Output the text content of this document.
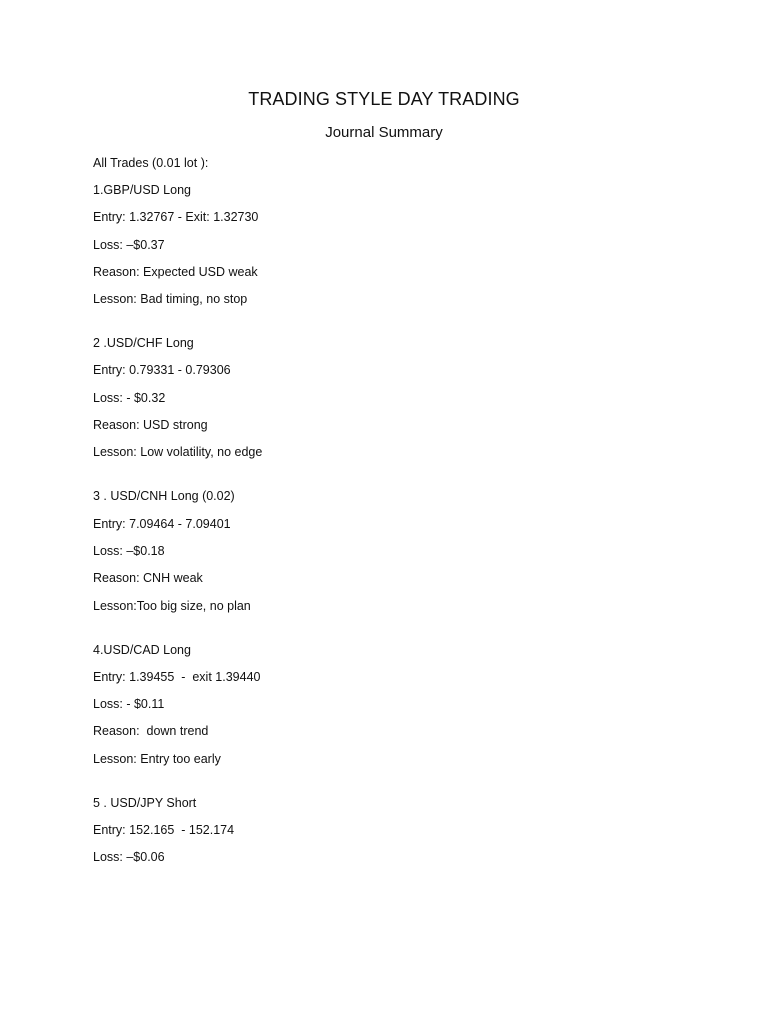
TRADING STYLE DAY TRADING
Journal Summary
All Trades (0.01 lot ):
1.GBP/USD Long
Entry: 1.32767 - Exit: 1.32730
Loss: –$0.37
Reason: Expected USD weak
Lesson: Bad timing, no stop
2 .USD/CHF Long
Entry: 0.79331 - 0.79306
Loss: - $0.32
Reason: USD strong
Lesson: Low volatility, no edge
3 . USD/CNH Long (0.02)
Entry: 7.09464 - 7.09401
Loss: –$0.18
Reason: CNH weak
Lesson:Too big size, no plan
4.USD/CAD Long
Entry: 1.39455  -  exit 1.39440
Loss: - $0.11
Reason:  down trend
Lesson: Entry too early
5 . USD/JPY Short
Entry: 152.165  - 152.174
Loss: –$0.06
